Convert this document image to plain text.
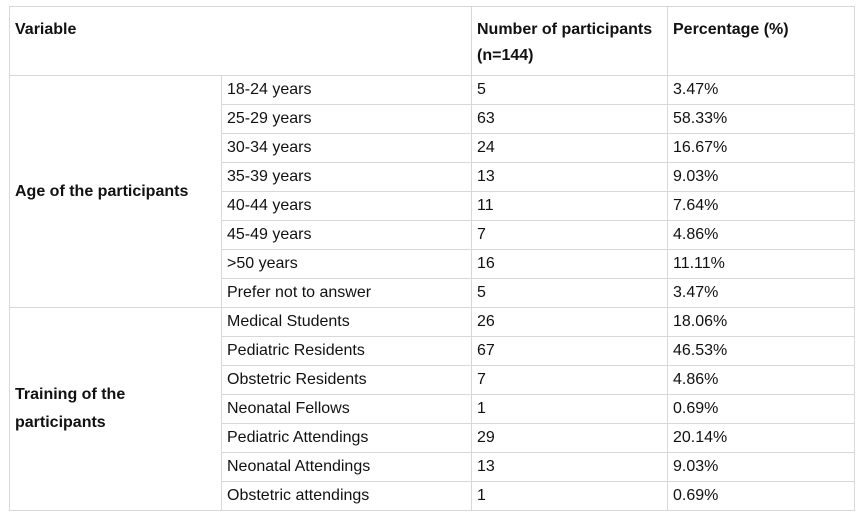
Variable		Number of participants (n=144)	Percentage (%)
Age of the participants	18-24 years	5	3.47%
	25-29 years	63	58.33%
	30-34 years	24	16.67%
	35-39 years	13	9.03%
	40-44 years	11	7.64%
	45-49 years	7	4.86%
	>50 years	16	11.11%
	Prefer not to answer	5	3.47%
Training of the participants	Medical Students	26	18.06%
	Pediatric Residents	67	46.53%
	Obstetric Residents	7	4.86%
	Neonatal Fellows	1	0.69%
	Pediatric Attendings	29	20.14%
	Neonatal Attendings	13	9.03%
	Obstetric attendings	1	0.69%
